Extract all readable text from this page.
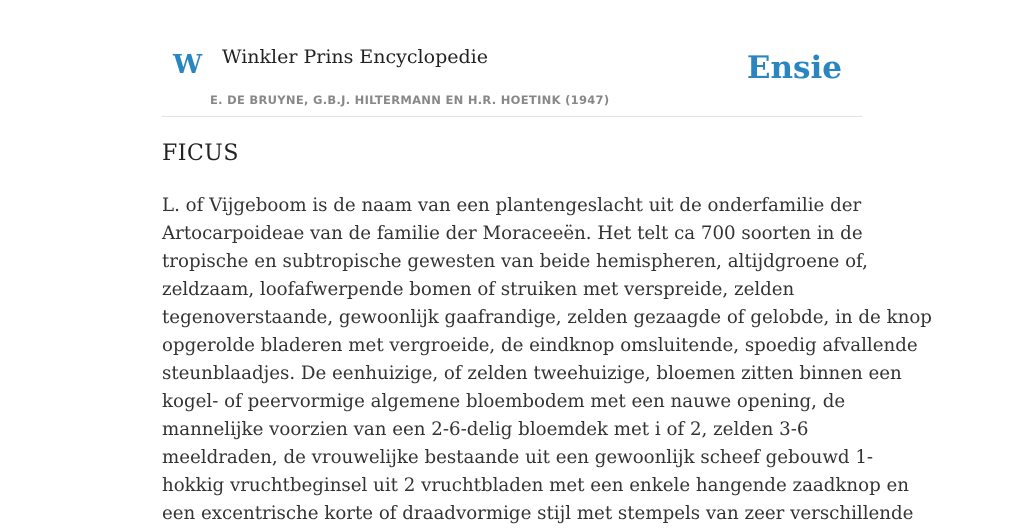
W Winkler Prins Encyclopedie
E. DE BRUYNE, G.B.J. HILTERMANN EN H.R. HOETINK (1947)
Ensie
FICUS

L. of Vijgeboom is de naam van een plantengeslacht uit de onderfamilie der
Artocarpoideae van de familie der Moraceeën. Het telt ca 700 soorten in de
tropische en subtropische gewesten van beide hemispheren, altijdgroene of,
zeldzaam, loofafwerpende bomen of struiken met verspreide, zelden
tegenoverstaande, gewoonlijk gaafrandige, zelden gezaagde of gelobde, in de knop
opgerolde bladeren met vergroeide, de eindknop omsluitende, spoedig afvallende
steunblaadjes. De eenhuizige, of zelden tweehuizige, bloemen zitten binnen een
kogel- of peervormige algemene bloembodem met een nauwe opening, de
mannelijke voorzien van een 2-6-delig bloemdek met i of 2, zelden 3-6
meeldraden, de vrouwelijke bestaande uit een gewoonlijk scheef gebouwd 1-
hokkig vruchtbeginsel uit 2 vruchtbladen met een enkele hangende zaadknop en
een excentrische korte of draadvormige stijl met stempels van zeer verschillende
